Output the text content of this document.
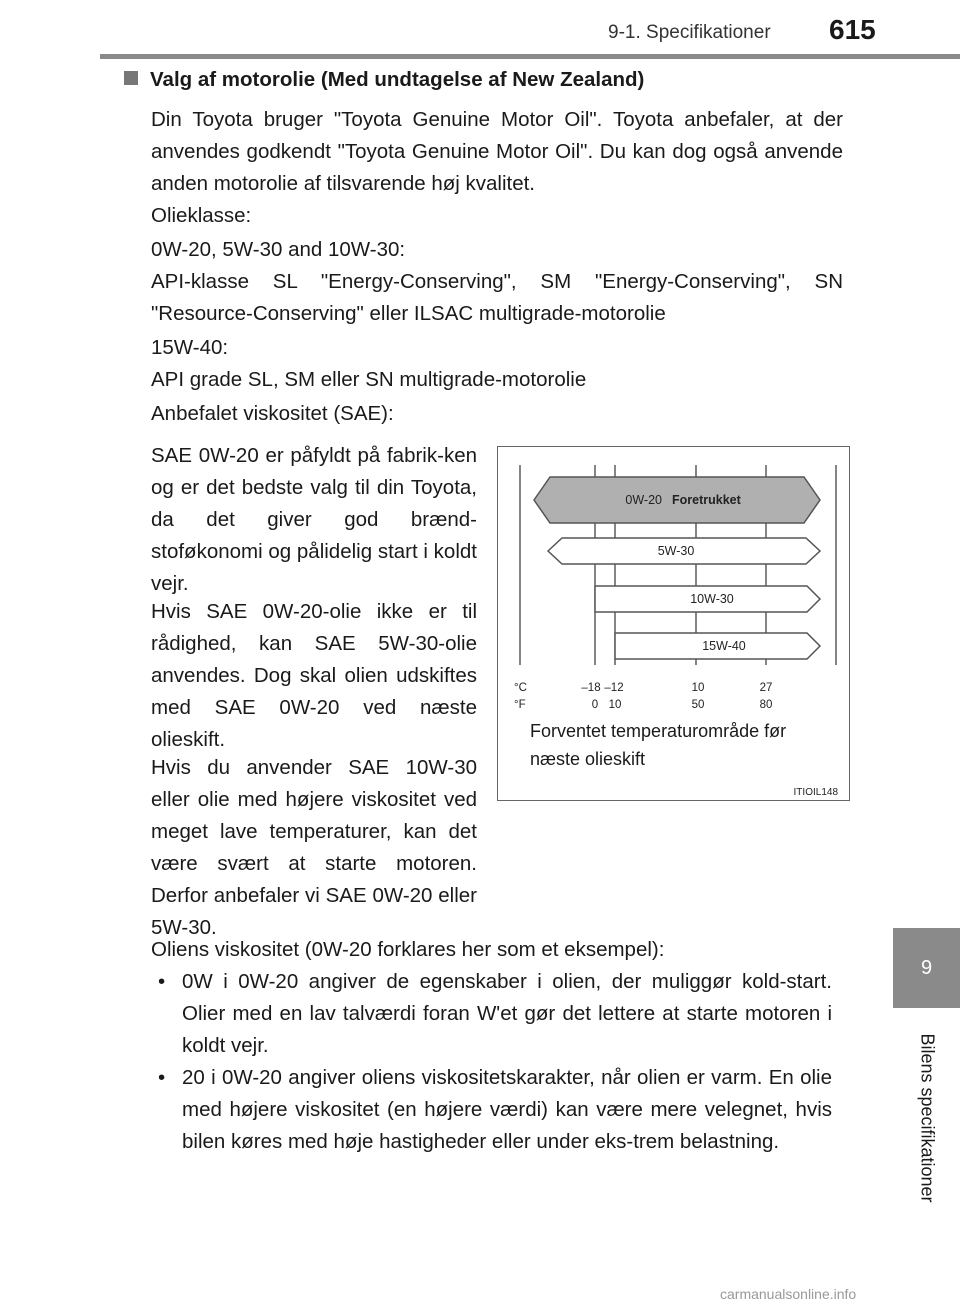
9-1. Specifikationer 615
9
Bilens specifikationer
Valg af motorolie (Med undtagelse af New Zealand)
Din Toyota bruger "Toyota Genuine Motor Oil". Toyota anbefaler, at der anvendes godkendt "Toyota Genuine Motor Oil". Du kan dog også anvende anden motorolie af tilsvarende høj kvalitet.
Olieklasse:
0W-20, 5W-30 and 10W-30:
API-klasse SL "Energy-Conserving", SM "Energy-Conserving", SN "Resource-Conserving" eller ILSAC multigrade-motorolie
15W-40:
API grade SL, SM eller SN multigrade-motorolie
Anbefalet viskositet (SAE):
SAE 0W-20 er påfyldt på fabrik-ken og er det bedste valg til din Toyota, da det giver god brænd-stoføkonomi og pålidelig start i koldt vejr.
Hvis SAE 0W-20-olie ikke er til rådighed, kan SAE 5W-30-olie anvendes. Dog skal olien udskiftes med SAE 0W-20 ved næste olieskift.
Hvis du anvender SAE 10W-30 eller olie med højere viskositet ved meget lave temperaturer, kan det være svært at starte motoren. Derfor anbefaler vi SAE 0W-20 eller 5W-30.
0W-20 Foretrukket
5W-30
10W-30
15W-40
°C
°F
–18 –12	10	27
0 10	50	80
ITIOIL148
Forventet temperaturområde før næste olieskift
Oliens viskositet (0W-20 forklares her som et eksempel):
• 0W i 0W-20 angiver de egenskaber i olien, der muliggør kold-start. Olier med en lav talværdi foran W'et gør det lettere at starte motoren i koldt vejr.
• 20 i 0W-20 angiver oliens viskositetskarakter, når olien er varm. En olie med højere viskositet (en højere værdi) kan være mere velegnet, hvis bilen køres med høje hastigheder eller under eks-trem belastning.
carmanualsonline.info
